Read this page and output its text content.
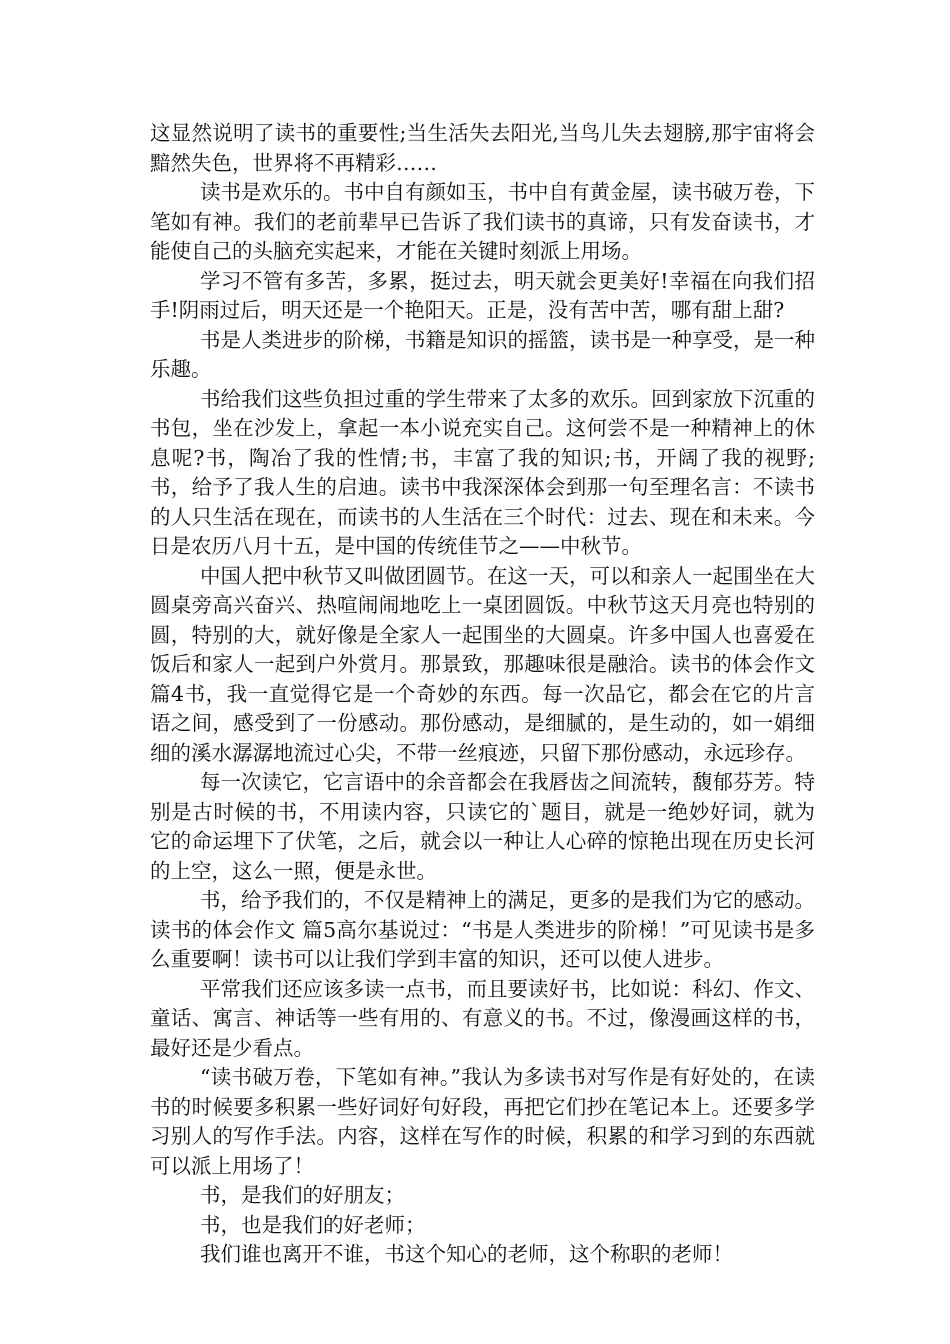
这显然说明了读书的重要性;当生活失去阳光,当鸟儿失去翅膀,那宇宙将会黯然失色，世界将不再精彩……

读书是欢乐的。书中自有颜如玉，书中自有黄金屋，读书破万卷，下笔如有神。我们的老前辈早已告诉了我们读书的真谛，只有发奋读书，才能使自己的头脑充实起来，才能在关键时刻派上用场。

学习不管有多苦，多累，挺过去，明天就会更美好!幸福在向我们招手!阴雨过后，明天还是一个艳阳天。正是，没有苦中苦，哪有甜上甜?

书是人类进步的阶梯，书籍是知识的摇篮，读书是一种享受，是一种乐趣。

书给我们这些负担过重的学生带来了太多的欢乐。回到家放下沉重的书包，坐在沙发上，拿起一本小说充实自己。这何尝不是一种精神上的休息呢?书，陶冶了我的性情;书，丰富了我的知识;书，开阔了我的视野;书，给予了我人生的启迪。读书中我深深体会到那一句至理名言：不读书的人只生活在现在，而读书的人生活在三个时代：过去、现在和未来。今日是农历八月十五，是中国的传统佳节之——中秋节。

中国人把中秋节又叫做团圆节。在这一天，可以和亲人一起围坐在大圆桌旁高兴奋兴、热喧闹闹地吃上一桌团圆饭。中秋节这天月亮也特别的圆，特别的大，就好像是全家人一起围坐的大圆桌。许多中国人也喜爱在饭后和家人一起到户外赏月。那景致，那趣味很是融洽。读书的体会作文 篇4书，我一直觉得它是一个奇妙的东西。每一次品它，都会在它的片言语之间，感受到了一份感动。那份感动，是细腻的，是生动的，如一娟细细的溪水潺潺地流过心尖，不带一丝痕迹，只留下那份感动，永远珍存。

每一次读它，它言语中的余音都会在我唇齿之间流转，馥郁芬芳。特别是古时候的书，不用读内容，只读它的`题目，就是一绝妙好词，就为它的命运埋下了伏笔，之后，就会以一种让人心碎的惊艳出现在历史长河的上空，这么一照，便是永世。

书，给予我们的，不仅是精神上的满足，更多的是我们为它的感动。读书的体会作文 篇5高尔基说过：“书是人类进步的阶梯！”可见读书是多么重要啊！读书可以让我们学到丰富的知识，还可以使人进步。

平常我们还应该多读一点书，而且要读好书，比如说：科幻、作文、童话、寓言、神话等一些有用的、有意义的书。不过，像漫画这样的书，最好还是少看点。

“读书破万卷，下笔如有神。”我认为多读书对写作是有好处的，在读书的时候要多积累一些好词好句好段，再把它们抄在笔记本上。还要多学习别人的写作手法。内容，这样在写作的时候，积累的和学习到的东西就可以派上用场了！

书，是我们的好朋友；

书，也是我们的好老师；

我们谁也离开不谁，书这个知心的老师，这个称职的老师！
